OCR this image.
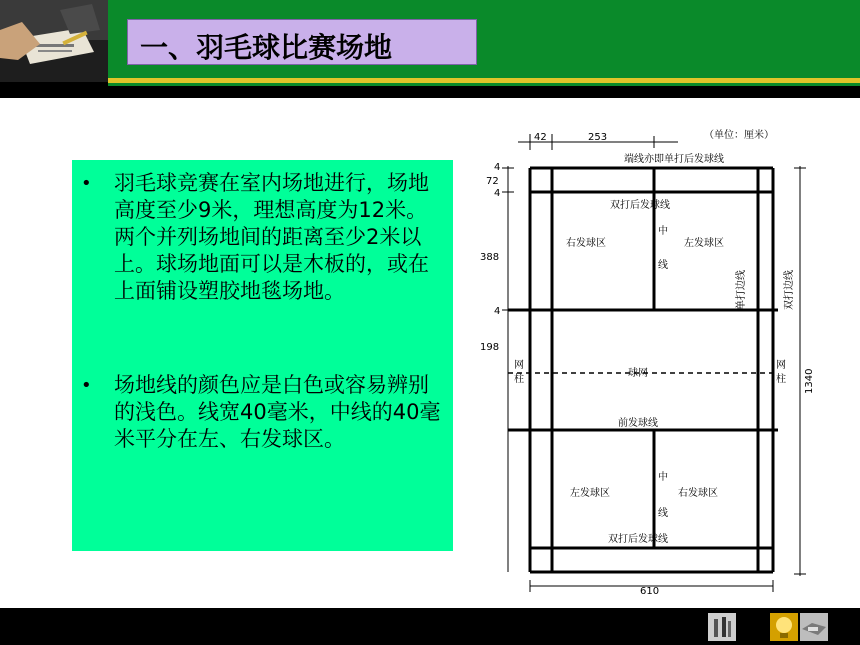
一、羽毛球比赛场地
• 羽毛球竞赛在室内场地进行，场地高度至少9米，理想高度为12米。两个并列场地间的距离至少2米以上。球场地面可以是木板的，或在上面铺设塑胶地毯场地。
• 场地线的颜色应是白色或容易辨别的浅色。线宽40毫米，中线的40毫米平分在左、右发球区。
（单位：厘米）
42	253
4
72
4
388
4
198
610
端线亦即单打后发球线
双打后发球线
右发球区	左发球区
中
线
球网
前发球线
左发球区	右发球区
中
线
双打后发球线
网
柱
网
柱
单打边线	双打边线
1340
